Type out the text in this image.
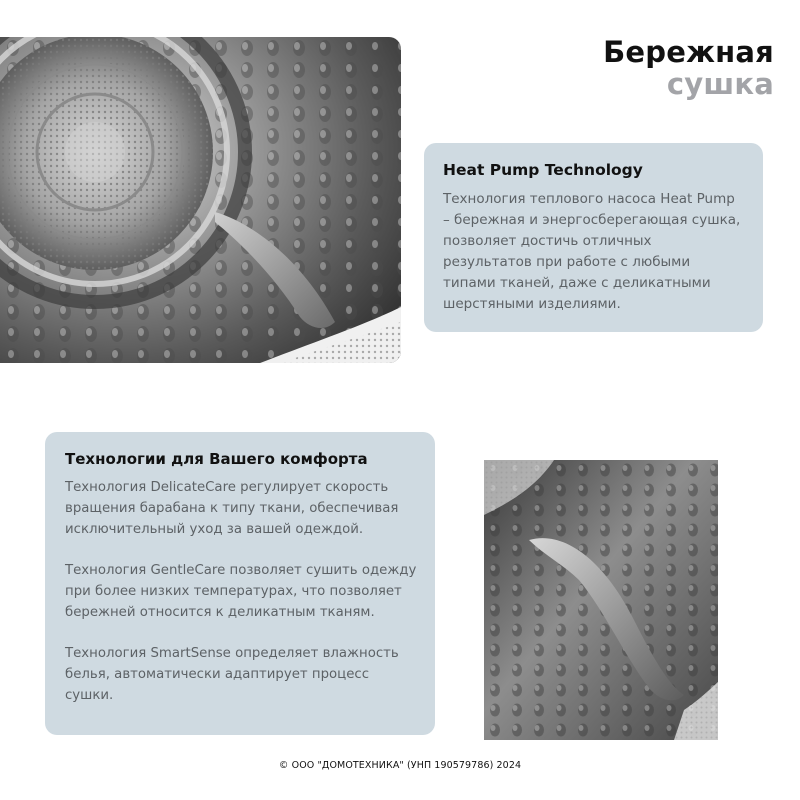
Бережная
сушка
Heat Pump Technology

Технология теплового насоса Heat Pump – бережная и энергосберегающая сушка, позволяет достичь отличных результатов при работе с любыми типами тканей, даже с деликатными шерстяными изделиями.

Технологии для Вашего комфорта

Технология DelicateCare регулирует скорость вращения барабана к типу ткани, обеспечивая исключительный уход за вашей одеждой.

Технология GentleCare позволяет сушить одежду при более низких температурах, что позволяет бережней относится к деликатным тканям.

Технология SmartSense определяет влажность белья, автоматически адаптирует процесс сушки.

© ООО "ДОМОТЕХНИКА" (УНП 190579786) 2024
